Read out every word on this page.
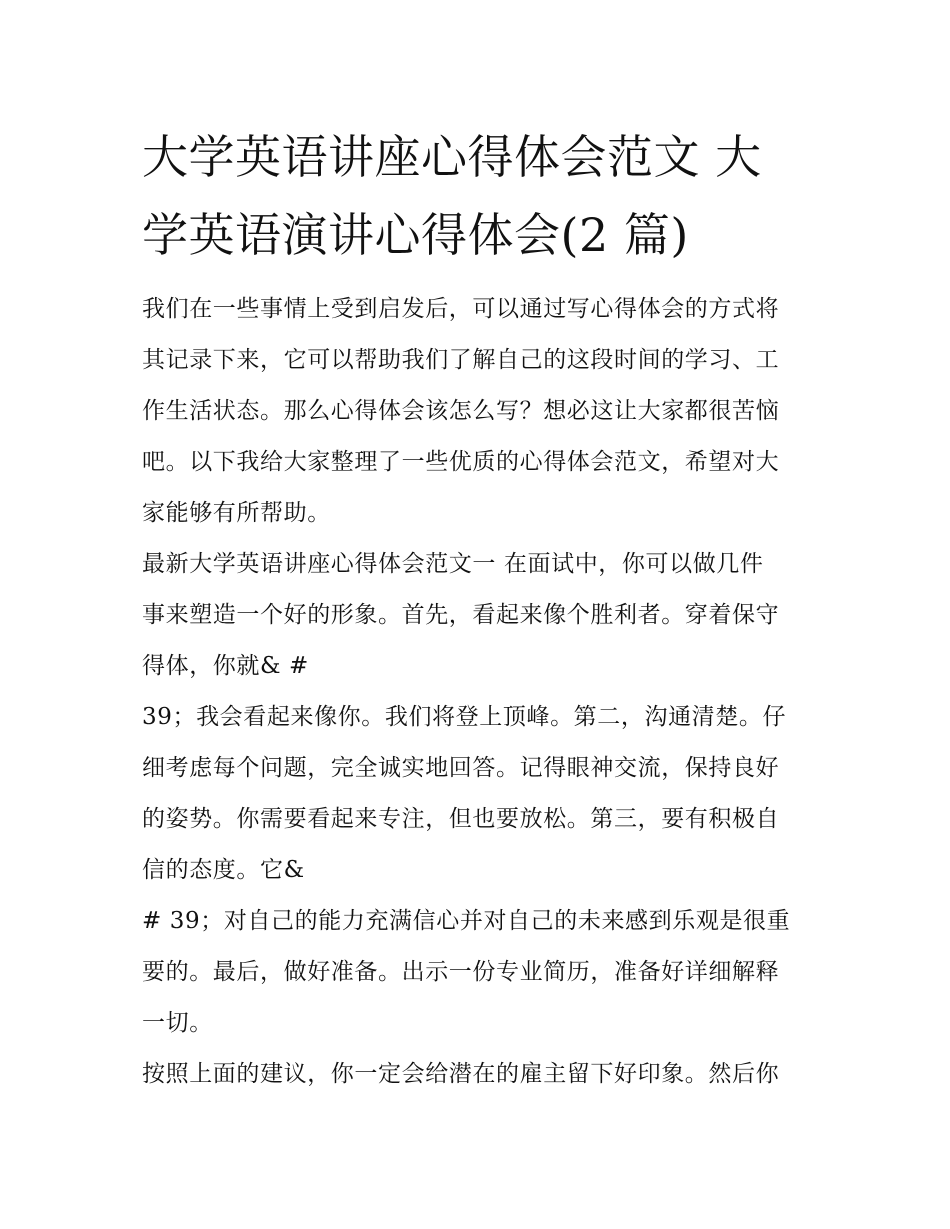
大学英语讲座心得体会范文 大
学英语演讲心得体会(2 篇)

我们在一些事情上受到启发后，可以通过写心得体会的方式将
其记录下来，它可以帮助我们了解自己的这段时间的学习、工
作生活状态。那么心得体会该怎么写？想必这让大家都很苦恼
吧。以下我给大家整理了一些优质的心得体会范文，希望对大
家能够有所帮助。

最新大学英语讲座心得体会范文一 在面试中，你可以做几件
事来塑造一个好的形象。首先，看起来像个胜利者。穿着保守
得体，你就& #

39；我会看起来像你。我们将登上顶峰。第二，沟通清楚。仔
细考虑每个问题，完全诚实地回答。记得眼神交流，保持良好
的姿势。你需要看起来专注，但也要放松。第三，要有积极自
信的态度。它&

# 39；对自己的能力充满信心并对自己的未来感到乐观是很重
要的。最后，做好准备。出示一份专业简历，准备好详细解释
一切。

按照上面的建议，你一定会给潜在的雇主留下好印象。然后你
